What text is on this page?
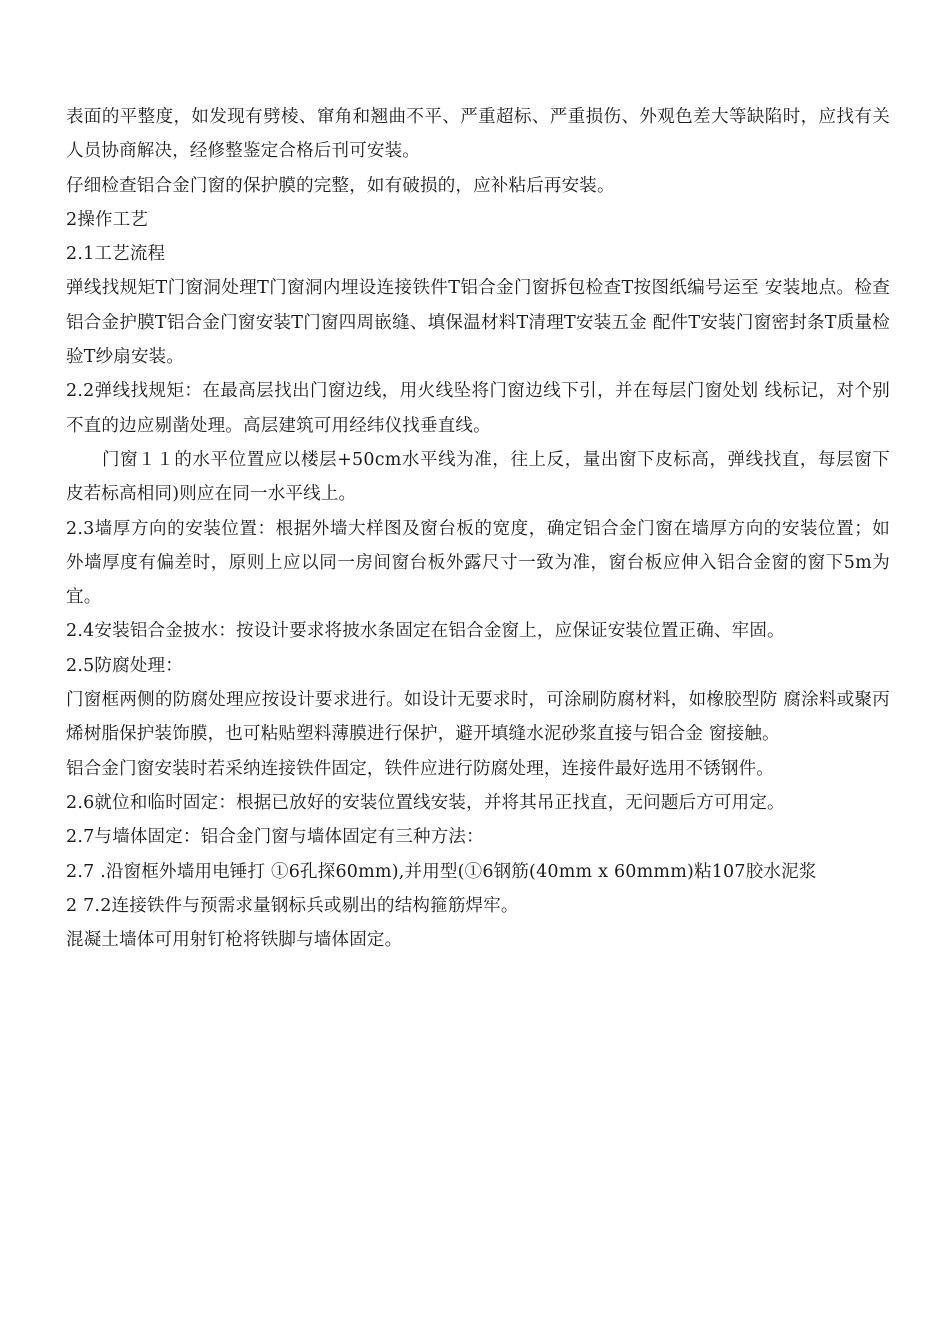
表面的平整度，如发现有劈棱、窜角和翘曲不平、严重超标、严重损伤、外观色差大等缺陷时，应找有关人员协商解决，经修整鉴定合格后刊可安装。

仔细检查铝合金门窗的保护膜的完整，如有破损的，应补粘后再安装。

2操作工艺

2.1工艺流程

弹线找规矩T门窗洞处理T门窗洞内埋设连接铁件T铝合金门窗拆包检查T按图纸编号运至 安装地点。检查铝合金护膜T铝合金门窗安装T门窗四周嵌缝、填保温材料T清理T安装五金 配件T安装门窗密封条T质量检验T纱扇安装。

2.2弹线找规矩：在最高层找出门窗边线，用火线坠将门窗边线下引，并在每层门窗处划 线标记，对个别不直的边应剔凿处理。高层建筑可用经纬仪找垂直线。

门窗１１的水平位置应以楼层+50cm水平线为准，往上反，量出窗下皮标高，弹线找直，每层窗下皮若标高相同)则应在同一水平线上。

2.3墙厚方向的安装位置：根据外墙大样图及窗台板的宽度，确定铝合金门窗在墙厚方向的安装位置；如外墙厚度有偏差时，原则上应以同一房间窗台板外露尺寸一致为准，窗台板应伸入铝合金窗的窗下5m为宜。

2.4安装铝合金披水：按设计要求将披水条固定在铝合金窗上，应保证安装位置正确、牢固。

2.5防腐处理：

门窗框两侧的防腐处理应按设计要求进行。如设计无要求时，可涂刷防腐材料，如橡胶型防 腐涂料或聚丙烯树脂保护装饰膜，也可粘贴塑料薄膜进行保护，避开填缝水泥砂浆直接与铝合金 窗接触。

铝合金门窗安装时若采纳连接铁件固定，铁件应进行防腐处理，连接件最好选用不锈钢件。

2.6就位和临时固定：根据已放好的安装位置线安装，并将其吊正找直，无问题后方可用定。

2.7与墙体固定：铝合金门窗与墙体固定有三种方法：

2.7 .沿窗框外墙用电锤打 ①6孔探60mm),并用型(①6钢筋(40mm x 60mmm)粘107胶水泥浆

2 7.2连接铁件与预需求量钢标兵或剔出的结构箍筋焊牢。

混凝土墙体可用射钉枪将铁脚与墙体固定。
